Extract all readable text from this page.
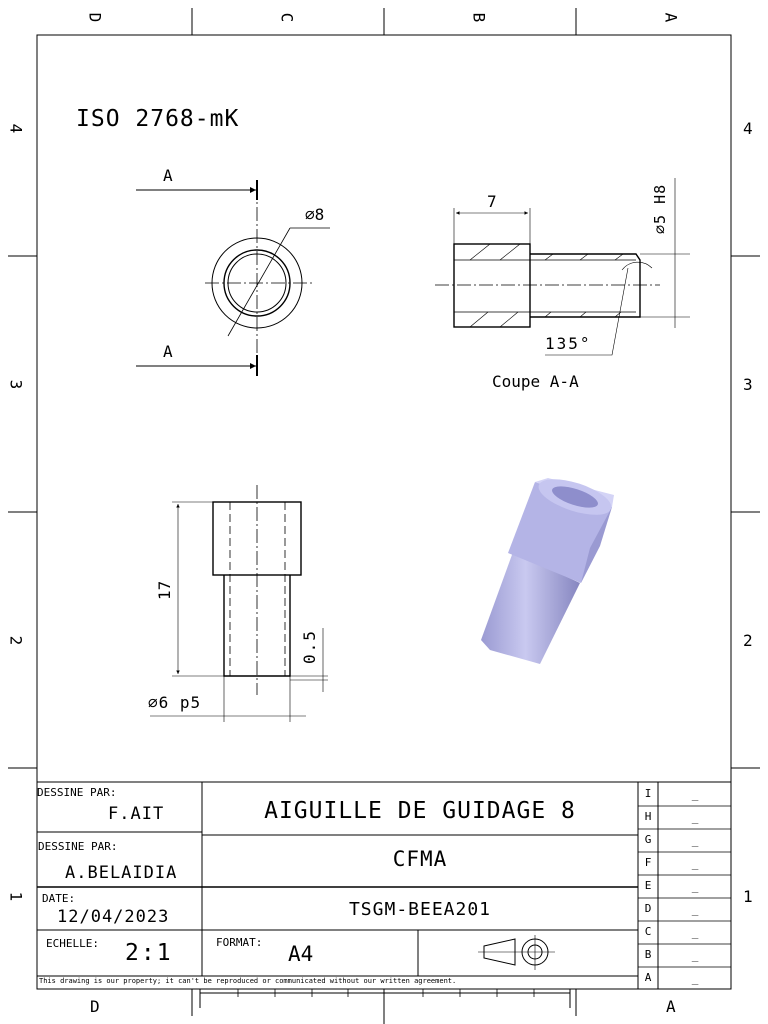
D	C	B	A
D	A
4
3
2
1
4
3
2
1
ISO 2768-mK
A
A
⌀8
7	⌀5 H8
135°
Coupe A-A
17
0.5
⌀6 p5
DESSINE PAR:
F.AIT
DESSINE PAR:
A.BELAIDIA
DATE:
12/04/2023
ECHELLE: 2:1	FORMAT: A4
AIGUILLE DE GUIDAGE 8
CFMA
TSGM-BEEA201
This drawing is our property; it can't be reproduced or communicated without our written agreement.
I	_
H	_
G	_
F	_
E	_
D	_
C	_
B	_
A	_
